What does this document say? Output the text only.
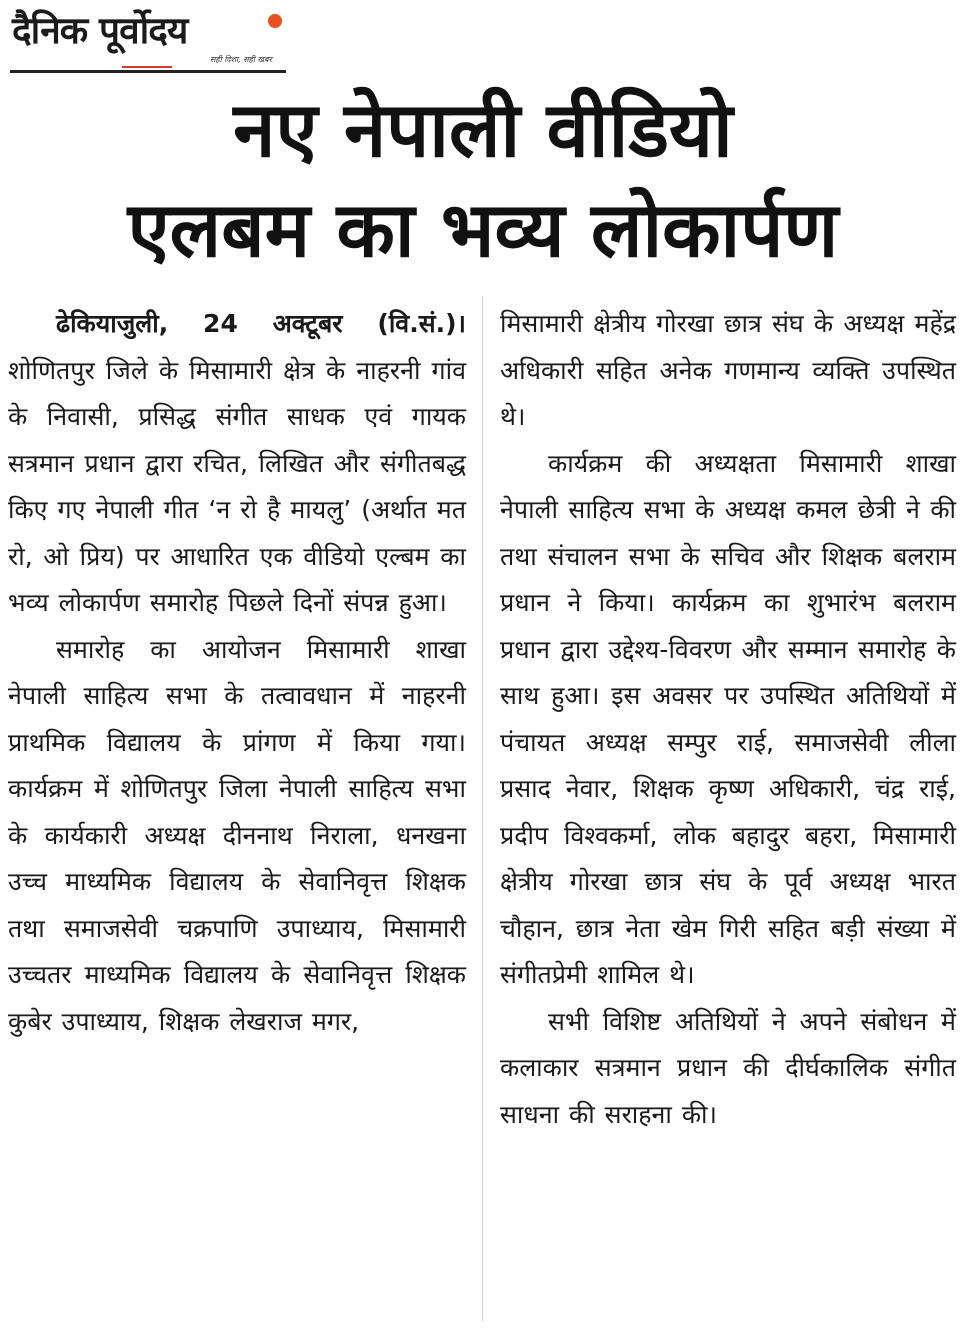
दैनिक पूर्वोदय
सही दिशा, सही खबर
नए नेपाली वीडियो
एलबम का भव्य लोकार्पण

ढेकियाजुली, 24 अक्टूबर (वि.सं.)। शोणितपुर जिले के मिसामारी क्षेत्र के नाहरनी गांव के निवासी, प्रसिद्ध संगीत साधक एवं गायक सत्रमान प्रधान द्वारा रचित, लिखित और संगीतबद्ध किए गए नेपाली गीत ‘न रो है मायलु’ (अर्थात मत रो, ओ प्रिय) पर आधारित एक वीडियो एल्बम का भव्य लोकार्पण समारोह पिछले दिनों संपन्न हुआ।

समारोह का आयोजन मिसामारी शाखा नेपाली साहित्य सभा के तत्वावधान में नाहरनी प्राथमिक विद्यालय के प्रांगण में किया गया। कार्यक्रम में शोणितपुर जिला नेपाली साहित्य सभा के कार्यकारी अध्यक्ष दीननाथ निराला, धनखना उच्च माध्यमिक विद्यालय के सेवानिवृत्त शिक्षक तथा समाजसेवी चक्रपाणि उपाध्याय, मिसामारी उच्चतर माध्यमिक विद्यालय के सेवानिवृत्त शिक्षक कुबेर उपाध्याय, शिक्षक लेखराज मगर,

मिसामारी क्षेत्रीय गोरखा छात्र संघ के अध्यक्ष महेंद्र अधिकारी सहित अनेक गणमान्य व्यक्ति उपस्थित थे।

कार्यक्रम की अध्यक्षता मिसामारी शाखा नेपाली साहित्य सभा के अध्यक्ष कमल छेत्री ने की तथा संचालन सभा के सचिव और शिक्षक बलराम प्रधान ने किया। कार्यक्रम का शुभारंभ बलराम प्रधान द्वारा उद्देश्य-विवरण और सम्मान समारोह के साथ हुआ। इस अवसर पर उपस्थित अतिथियों में पंचायत अध्यक्ष सम्पुर राई, समाजसेवी लीला प्रसाद नेवार, शिक्षक कृष्ण अधिकारी, चंद्र राई, प्रदीप विश्वकर्मा, लोक बहादुर बहरा, मिसामारी क्षेत्रीय गोरखा छात्र संघ के पूर्व अध्यक्ष भारत चौहान, छात्र नेता खेम गिरी सहित बड़ी संख्या में संगीतप्रेमी शामिल थे।

सभी विशिष्ट अतिथियों ने अपने संबोधन में कलाकार सत्रमान प्रधान की दीर्घकालिक संगीत साधना की सराहना की।
